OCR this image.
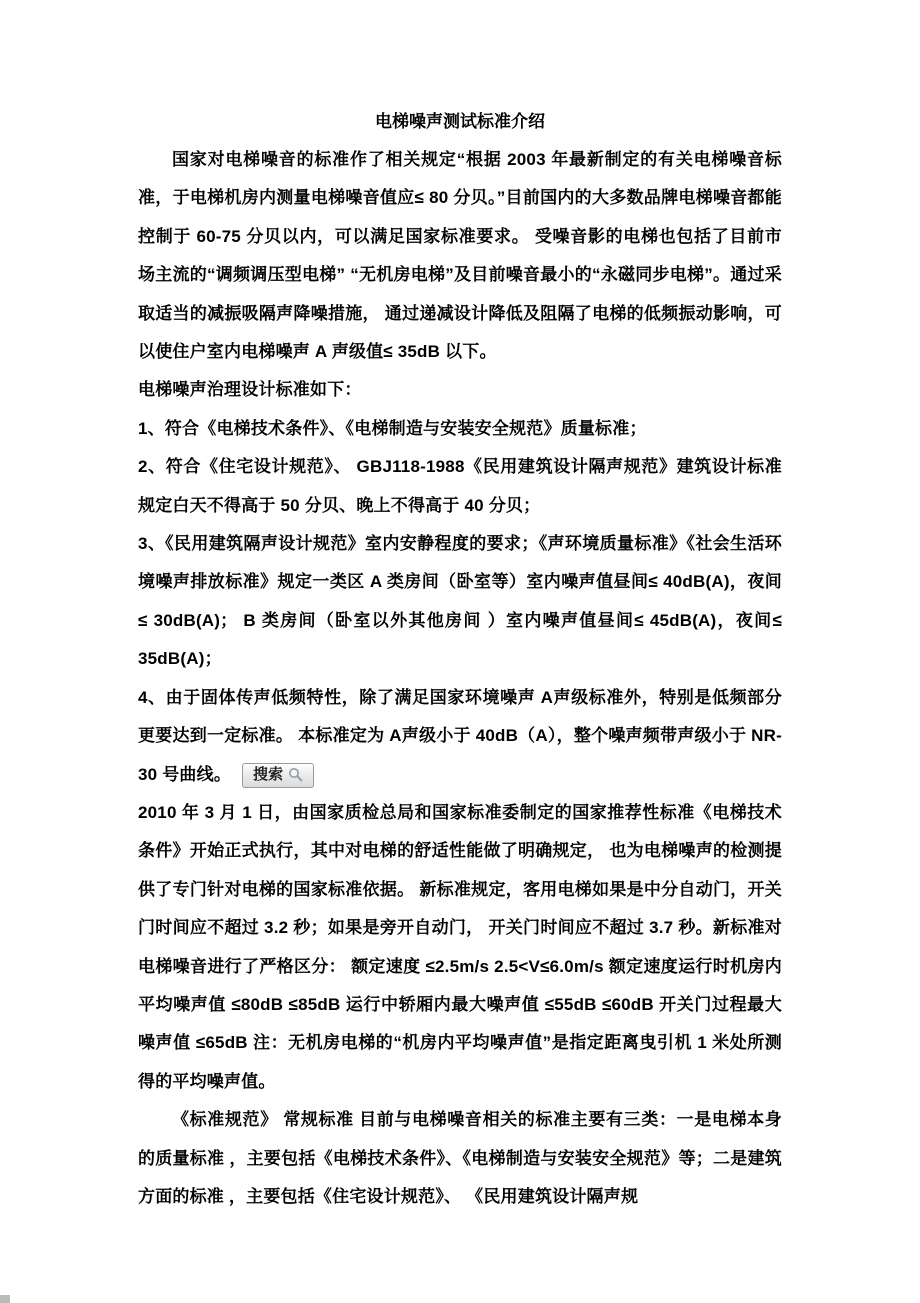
电梯噪声测试标准介绍

国家对电梯噪音的标准作了相关规定“根据 2003 年最新制定的有关电梯噪音标准，于电梯机房内测量电梯噪音值应≤ 80 分贝。”目前国内的大多数品牌电梯噪音都能控制于 60-75 分贝以内，可以满足国家标准要求。 受噪音影的电梯也包括了目前市场主流的“调频调压型电梯” “无机房电梯”及目前噪音最小的“永磁同步电梯”。通过采取适当的减振吸隔声降噪措施， 通过递减设计降低及阻隔了电梯的低频振动影响，可以使住户室内电梯噪声 A 声级值≤ 35dB 以下。

电梯噪声治理设计标准如下：

1、符合《电梯技术条件》、《电梯制造与安装安全规范》质量标准；

2、符合《住宅设计规范》、 GBJ118-1988《民用建筑设计隔声规范》建筑设计标准规定白天不得高于 50 分贝、晚上不得高于 40 分贝；

3、《民用建筑隔声设计规范》室内安静程度的要求；《声环境质量标准》《社会生活环境噪声排放标准》规定一类区 A 类房间（卧室等）室内噪声值昼间≤ 40dB(A)，夜间≤ 30dB(A)； B 类房间（卧室以外其他房间 ）室内噪声值昼间≤ 45dB(A)，夜间≤ 35dB(A)；

4、由于固体传声低频特性，除了满足国家环境噪声 A声级标准外，特别是低频部分更要达到一定标准。 本标准定为 A声级小于 40dB（A），整个噪声频带声级小于 NR-30 号曲线。 搜索

2010 年 3 月 1 日，由国家质检总局和国家标准委制定的国家推荐性标准《电梯技术条件》开始正式执行，其中对电梯的舒适性能做了明确规定， 也为电梯噪声的检测提供了专门针对电梯的国家标准依据。 新标准规定，客用电梯如果是中分自动门，开关门时间应不超过 3.2 秒；如果是旁开自动门， 开关门时间应不超过 3.7 秒。新标准对电梯噪音进行了严格区分： 额定速度 ≤2.5m/s 2.5<V≤6.0m/s 额定速度运行时机房内平均噪声值 ≤80dB ≤85dB 运行中轿厢内最大噪声值 ≤55dB ≤60dB 开关门过程最大噪声值 ≤65dB 注：无机房电梯的“机房内平均噪声值”是指定距离曳引机 1 米处所测得的平均噪声值。

《标准规范》 常规标准 目前与电梯噪音相关的标准主要有三类：一是电梯本身的质量标准 ，主要包括《电梯技术条件》、《电梯制造与安装安全规范》等；二是建筑方面的标准 ，主要包括《住宅设计规范》、 《民用建筑设计隔声规
